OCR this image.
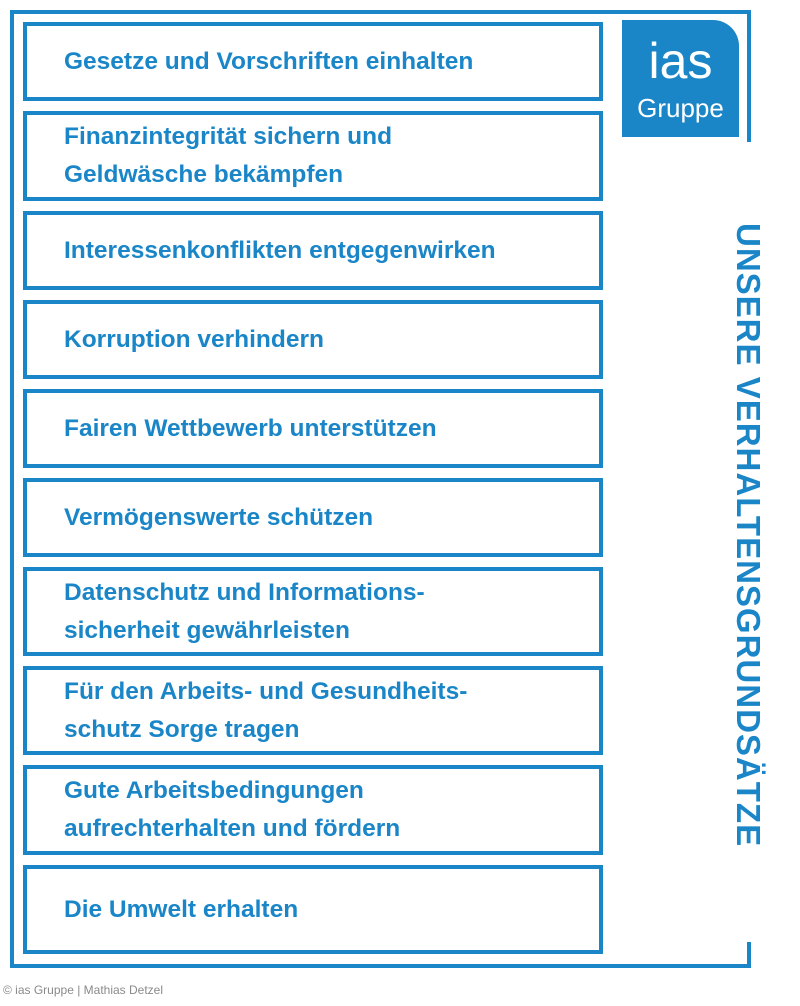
Gesetze und Vorschriften einhalten
Finanzintegrität sichern und
Geldwäsche bekämpfen
Interessenkonflikten entgegenwirken
Korruption verhindern
Fairen Wettbewerb unterstützen
Vermögenswerte schützen
Datenschutz und Informations-
sicherheit gewährleisten
Für den Arbeits- und Gesundheits-
schutz Sorge tragen
Gute Arbeitsbedingungen
aufrechterhalten und fördern
Die Umwelt erhalten
ias
Gruppe
UNSERE VERHALTENSGRUNDSÄTZE
© ias Gruppe | Mathias Detzel
